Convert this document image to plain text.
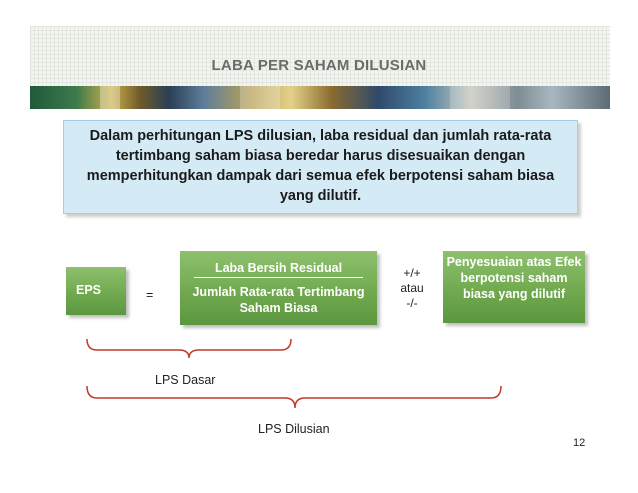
LABA PER SAHAM DILUSIAN

Dalam perhitungan LPS dilusian, laba residual dan jumlah rata-rata tertimbang saham biasa beredar harus disesuaikan dengan memperhitungkan dampak dari semua efek berpotensi saham biasa yang dilutif.

EPS	=
Laba Bersih Residual
Jumlah Rata-rata Tertimbang Saham Biasa
+/+
atau
-/-
Penyesuaian atas Efek berpotensi saham biasa yang dilutif
LPS Dasar
LPS Dilusian
12
